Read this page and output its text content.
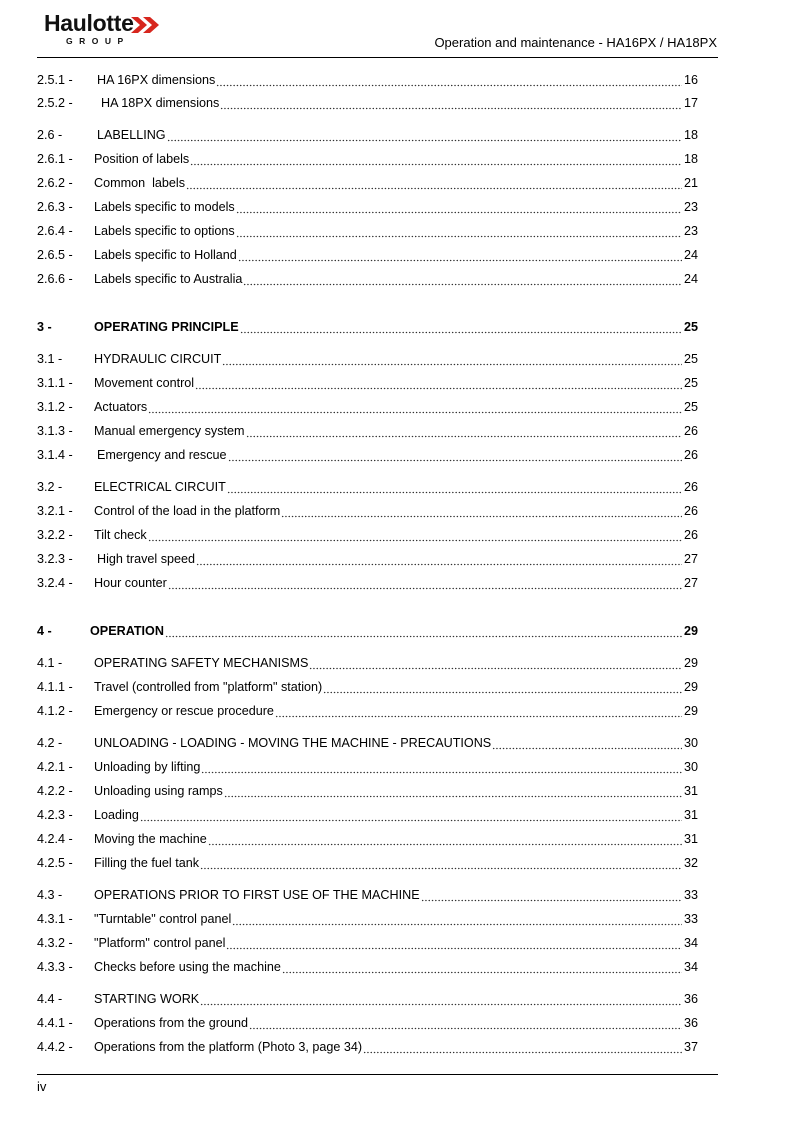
Haulotte
GROUP	Operation and maintenance - HA16PX / HA18PX
2.5.1 - HA 16PX dimensions	16
2.5.2 - HA 18PX dimensions	17
2.6 -	LABELLING	18
2.6.1 - Position of labels	18
2.6.2 - Common  labels	21
2.6.3 - Labels specific to models	23
2.6.4 - Labels specific to options	23
2.6.5 - Labels specific to Holland	24
2.6.6 - Labels specific to Australia	24
3 -	OPERATING PRINCIPLE	25
3.1 -	HYDRAULIC CIRCUIT	25
3.1.1 - Movement control	25
3.1.2 - Actuators	25
3.1.3 - Manual emergency system	26
3.1.4 - Emergency and rescue	26
3.2 -	ELECTRICAL CIRCUIT	26
3.2.1 - Control of the load in the platform	26
3.2.2 - Tilt check	26
3.2.3 - High travel speed	27
3.2.4 - Hour counter	27
4 -	OPERATION	29
4.1 -	OPERATING SAFETY MECHANISMS	29
4.1.1 - Travel (controlled from "platform" station)	29
4.1.2 - Emergency or rescue procedure	29
4.2 -	UNLOADING - LOADING - MOVING THE MACHINE - PRECAUTIONS	30
4.2.1 - Unloading by lifting	30
4.2.2 - Unloading using ramps	31
4.2.3 - Loading	31
4.2.4 - Moving the machine	31
4.2.5 - Filling the fuel tank	32
4.3 -	OPERATIONS PRIOR TO FIRST USE OF THE MACHINE	33
4.3.1 - "Turntable" control panel	33
4.3.2 - "Platform" control panel	34
4.3.3 - Checks before using the machine	34
4.4 -	STARTING WORK	36
4.4.1 - Operations from the ground	36
4.4.2 - Operations from the platform (Photo 3, page 34)	37
iv
